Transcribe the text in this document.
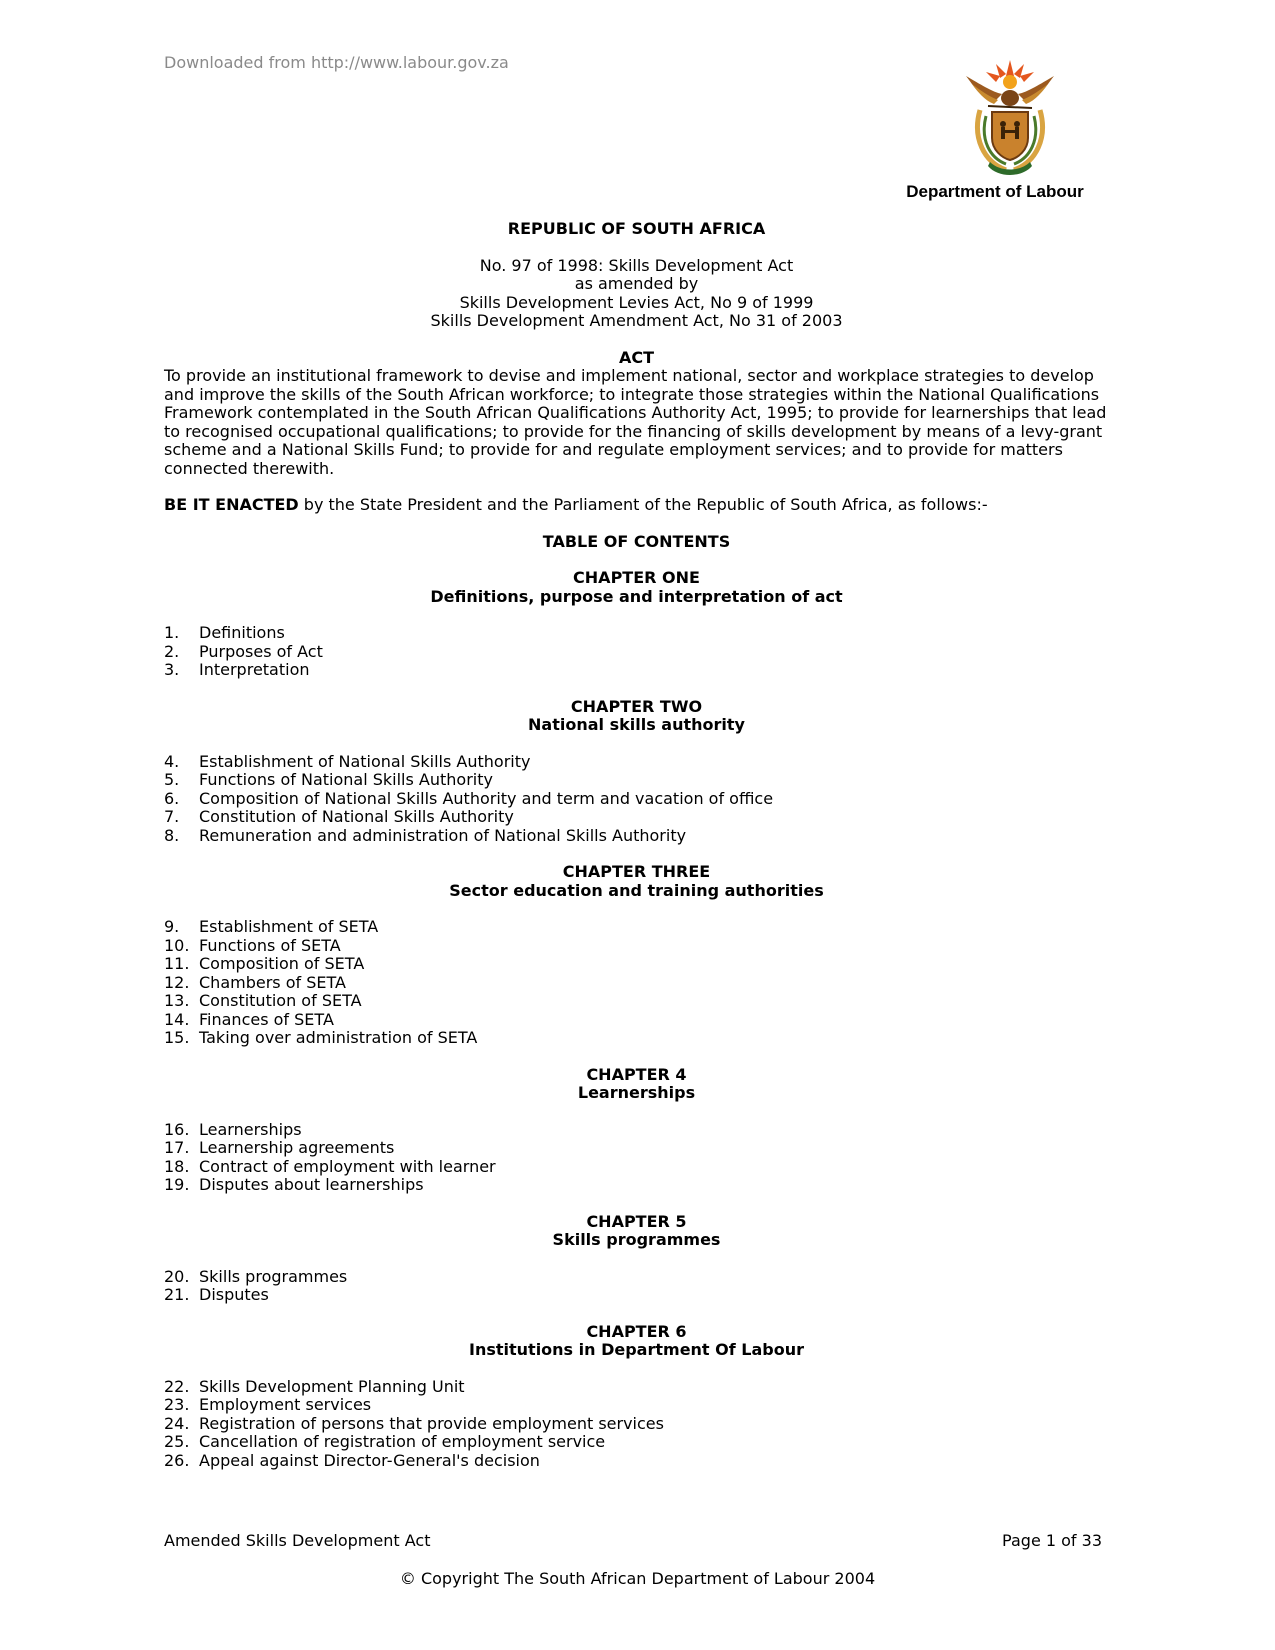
Downloaded from http://www.labour.gov.za
Department of Labour
REPUBLIC OF SOUTH AFRICA
No. 97 of 1998: Skills Development Act
as amended by
Skills Development Levies Act, No 9 of 1999
Skills Development Amendment Act, No 31 of 2003
ACT

To provide an institutional framework to devise and implement national, sector and workplace strategies to develop and improve the skills of the South African workforce; to integrate those strategies within the National Qualifications Framework contemplated in the South African Qualifications Authority Act, 1995; to provide for learnerships that lead to recognised occupational qualifications; to provide for the financing of skills development by means of a levy-grant scheme and a National Skills Fund; to provide for and regulate employment services; and to provide for matters connected therewith.

BE IT ENACTED by the State President and the Parliament of the Republic of South Africa, as follows:-

TABLE OF CONTENTS
CHAPTER ONE
Definitions, purpose and interpretation of act
1.	Definitions
2.	Purposes of Act
3.	Interpretation
CHAPTER TWO
National skills authority
4.	Establishment of National Skills Authority
5.	Functions of National Skills Authority
6.	Composition of National Skills Authority and term and vacation of office
7.	Constitution of National Skills Authority
8.	Remuneration and administration of National Skills Authority
CHAPTER THREE
Sector education and training authorities
9.	Establishment of SETA
10. Functions of SETA
11. Composition of SETA
12. Chambers of SETA
13. Constitution of SETA
14. Finances of SETA
15. Taking over administration of SETA
CHAPTER 4
Learnerships
16. Learnerships
17. Learnership agreements
18. Contract of employment with learner
19. Disputes about learnerships
CHAPTER 5
Skills programmes
20. Skills programmes
21. Disputes
CHAPTER 6
Institutions in Department Of Labour
22. Skills Development Planning Unit
23. Employment services
24. Registration of persons that provide employment services
25. Cancellation of registration of employment service
26. Appeal against Director-General's decision
Amended Skills Development Act	Page 1 of 33
© Copyright The South African Department of Labour 2004
